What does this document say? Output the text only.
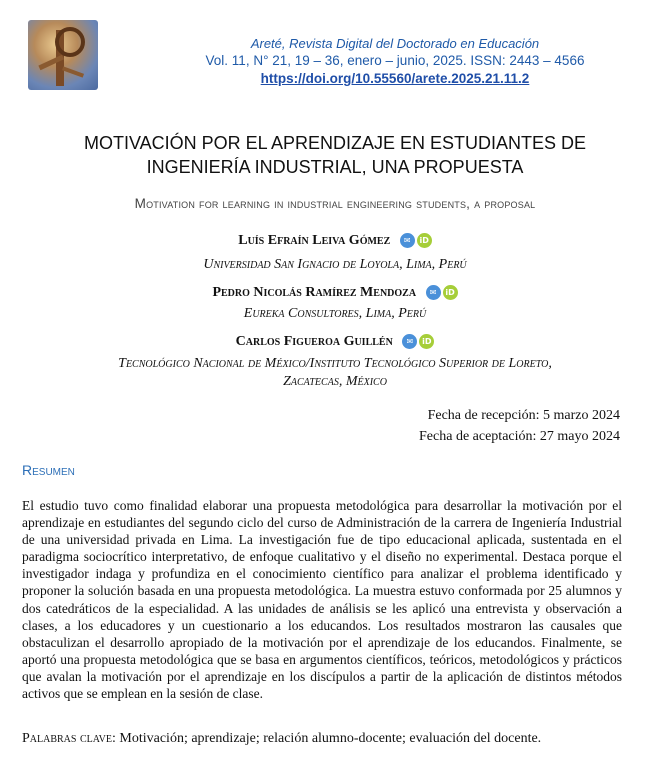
Areté, Revista Digital del Doctorado en Educación
Vol. 11, N° 21, 19 – 36, enero – junio, 2025. ISSN: 2443 – 4566
https://doi.org/10.55560/arete.2025.21.11.2
MOTIVACIÓN POR EL APRENDIZAJE EN ESTUDIANTES DE INGENIERÍA INDUSTRIAL, UNA PROPUESTA
Motivation for learning in industrial engineering students, a proposal
Luís Efraín Leiva Gómez ✉ iD
Universidad San Ignacio de Loyola, Lima, Perú
Pedro Nicolás Ramírez Mendoza ✉ iD
Eureka Consultores, Lima, Perú
Carlos Figueroa Guillén ✉ iD
Tecnológico Nacional de México/Instituto Tecnológico Superior de Loreto,
Zacatecas, México
Fecha de recepción: 5 marzo 2024
Fecha de aceptación: 27 mayo 2024
Resumen
El estudio tuvo como finalidad elaborar una propuesta metodológica para desarrollar la motivación por el aprendizaje en estudiantes del segundo ciclo del curso de Administración de la carrera de Ingeniería Industrial de una universidad privada en Lima. La investigación fue de tipo educacional aplicada, sustentada en el paradigma sociocrítico interpretativo, de enfoque cualitativo y el diseño no experimental. Destaca porque el investigador indaga y profundiza en el conocimiento científico para analizar el problema identificado y proponer la solución basada en una propuesta metodológica. La muestra estuvo conformada por 25 alumnos y dos catedráticos de la especialidad. A las unidades de análisis se les aplicó una entrevista y observación a clases, a los educadores y un cuestionario a los educandos. Los resultados mostraron las causales que obstaculizan el desarrollo apropiado de la motivación por el aprendizaje de los educandos. Finalmente, se aportó una propuesta metodológica que se basa en argumentos científicos, teóricos, metodológicos y prácticos que avalan la motivación por el aprendizaje en los discípulos a partir de la aplicación de distintos métodos activos que se emplean en la sesión de clase.
Palabras clave: Motivación; aprendizaje; relación alumno-docente; evaluación del docente.
